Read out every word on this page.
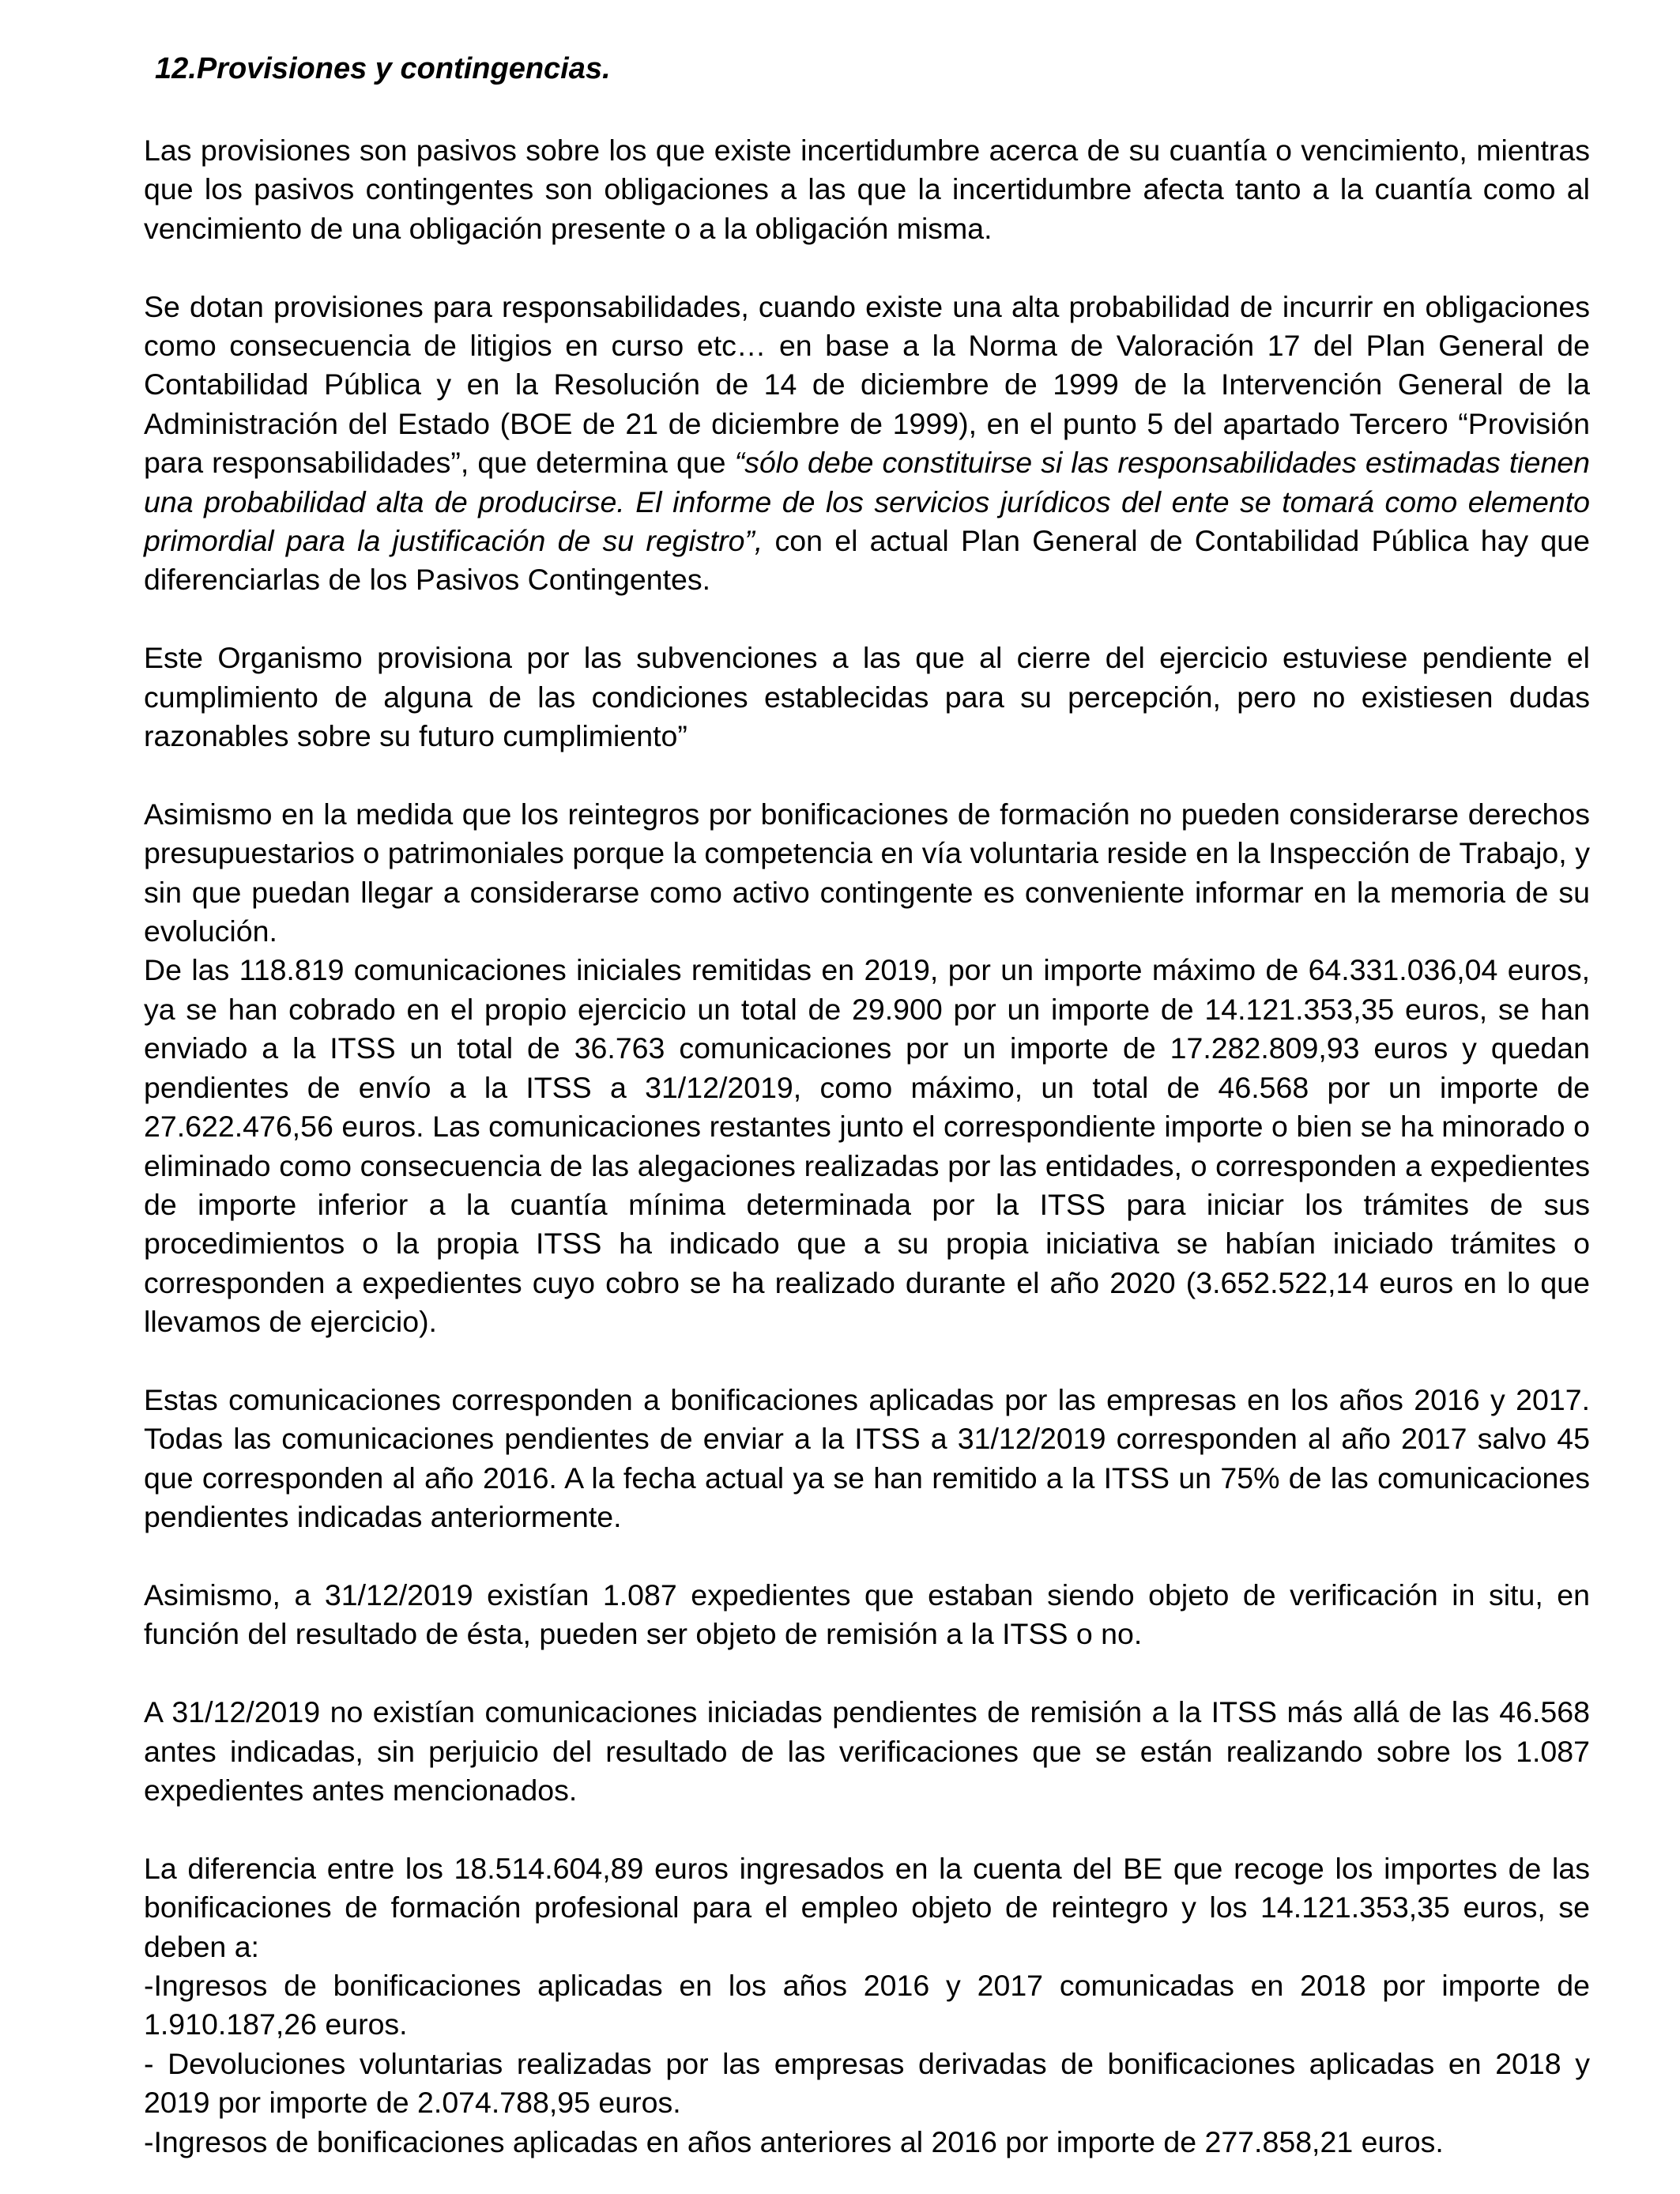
12.Provisiones y contingencias.

Las provisiones son pasivos sobre los que existe incertidumbre acerca de su cuantía o vencimiento, mientras que los pasivos contingentes son obligaciones a las que la incertidumbre afecta tanto a la cuantía como al vencimiento de una obligación presente o a la obligación misma.

Se dotan provisiones para responsabilidades, cuando existe una alta probabilidad de incurrir en obligaciones como consecuencia de litigios en curso etc… en base a la Norma de Valoración 17 del Plan General de Contabilidad Pública y en la Resolución de 14 de diciembre de 1999 de la Intervención General de la Administración del Estado (BOE de 21 de diciembre de 1999), en el punto 5 del apartado Tercero “Provisión para responsabilidades”, que determina que “sólo debe constituirse si las responsabilidades estimadas tienen una probabilidad alta de producirse. El informe de los servicios jurídicos del ente se tomará como elemento primordial para la justificación de su registro”, con el actual Plan General de Contabilidad Pública hay que diferenciarlas de los Pasivos Contingentes.

Este Organismo provisiona por las subvenciones a las que al cierre del ejercicio estuviese pendiente el cumplimiento de alguna de las condiciones establecidas para su percepción, pero no existiesen dudas razonables sobre su futuro cumplimiento”

Asimismo en la medida que los reintegros por bonificaciones de formación no pueden considerarse derechos presupuestarios o patrimoniales porque la competencia en vía voluntaria reside en la Inspección de Trabajo, y sin que puedan llegar a considerarse como activo contingente es conveniente informar en la memoria de su evolución.

De las 118.819 comunicaciones iniciales remitidas en 2019, por un importe máximo de 64.331.036,04 euros, ya se han cobrado en el propio ejercicio un total de 29.900 por un importe de 14.121.353,35 euros, se han enviado a la ITSS un total de 36.763 comunicaciones por un importe de 17.282.809,93 euros y quedan pendientes de envío a la ITSS a 31/12/2019, como máximo, un total de 46.568 por un importe de 27.622.476,56 euros. Las comunicaciones restantes junto el correspondiente importe o bien se ha minorado o eliminado como consecuencia de las alegaciones realizadas por las entidades, o corresponden a expedientes de importe inferior a la cuantía mínima determinada por la ITSS para iniciar los trámites de sus procedimientos o la propia ITSS ha indicado que a su propia iniciativa se habían iniciado trámites o corresponden a expedientes cuyo cobro se ha realizado durante el año 2020 (3.652.522,14 euros en lo que llevamos de ejercicio).

Estas comunicaciones corresponden a bonificaciones aplicadas por las empresas en los años 2016 y 2017. Todas las comunicaciones pendientes de enviar a la ITSS a 31/12/2019 corresponden al año 2017 salvo 45 que corresponden al año 2016. A la fecha actual ya se han remitido a la ITSS un 75% de las comunicaciones pendientes indicadas anteriormente.

Asimismo, a 31/12/2019 existían 1.087 expedientes que estaban siendo objeto de verificación in situ, en función del resultado de ésta, pueden ser objeto de remisión a la ITSS o no.

A 31/12/2019 no existían comunicaciones iniciadas pendientes de remisión a la ITSS más allá de las 46.568 antes indicadas, sin perjuicio del resultado de las verificaciones que se están realizando sobre los 1.087 expedientes antes mencionados.

La diferencia entre los 18.514.604,89 euros ingresados en la cuenta del BE que recoge los importes de las bonificaciones de formación profesional para el empleo objeto de reintegro y los 14.121.353,35 euros, se deben a:

-Ingresos de bonificaciones aplicadas en los años 2016 y 2017 comunicadas en 2018 por importe de 1.910.187,26 euros.

- Devoluciones voluntarias realizadas por las empresas derivadas de bonificaciones aplicadas en 2018 y 2019 por importe de 2.074.788,95 euros.

-Ingresos de bonificaciones aplicadas en años anteriores al 2016 por importe de 277.858,21 euros.
